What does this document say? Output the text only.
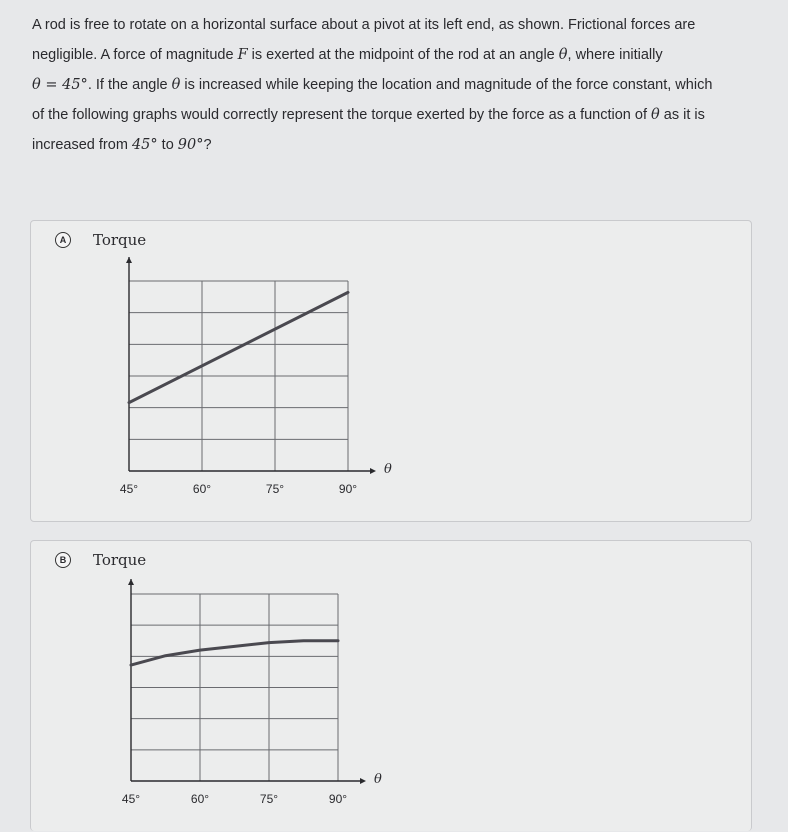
A rod is free to rotate on a horizontal surface about a pivot at its left end, as shown. Frictional forces are

negligible. A force of magnitude F is exerted at the midpoint of the rod at an angle θ, where initially

θ = 45°. If the angle θ is increased while keeping the location and magnitude of the force constant, which

of the following graphs would correctly represent the torque exerted by the force as a function of θ as it is

increased from 45° to 90°?

A	Torque
45°	60°	75°	90°
θ
B	Torque
45°	60°	75°	90°
θ
